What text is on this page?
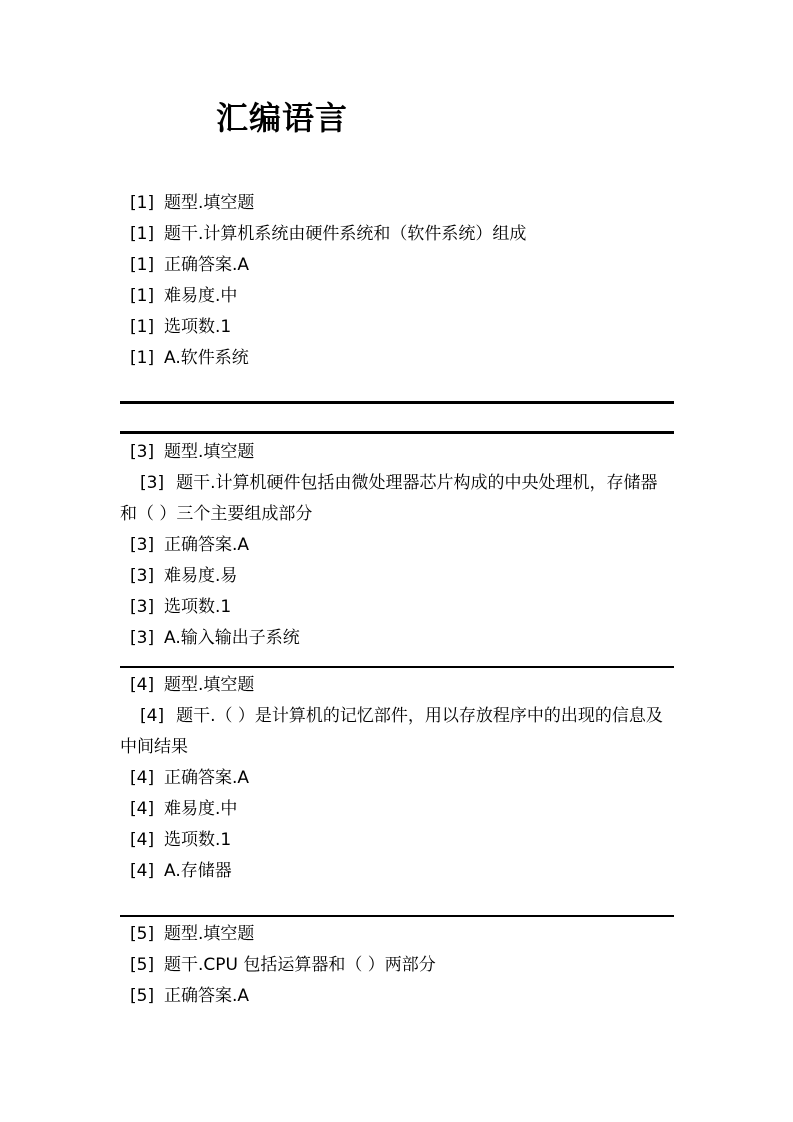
汇编语言
[1] 题型.填空题
[1] 题干.计算机系统由硬件系统和（软件系统）组成
[1] 正确答案.A
[1] 难易度.中
[1] 选项数.1
[1] A.软件系统
[3] 题型.填空题
[3] 题干.计算机硬件包括由微处理器芯片构成的中央处理机，存储器和（ ）三个主要组成部分
[3] 正确答案.A
[3] 难易度.易
[3] 选项数.1
[3] A.输入输出子系统
[4] 题型.填空题
[4] 题干.（ ）是计算机的记忆部件，用以存放程序中的出现的信息及中间结果
[4] 正确答案.A
[4] 难易度.中
[4] 选项数.1
[4] A.存储器
[5] 题型.填空题
[5] 题干.CPU 包括运算器和（ ）两部分
[5] 正确答案.A
